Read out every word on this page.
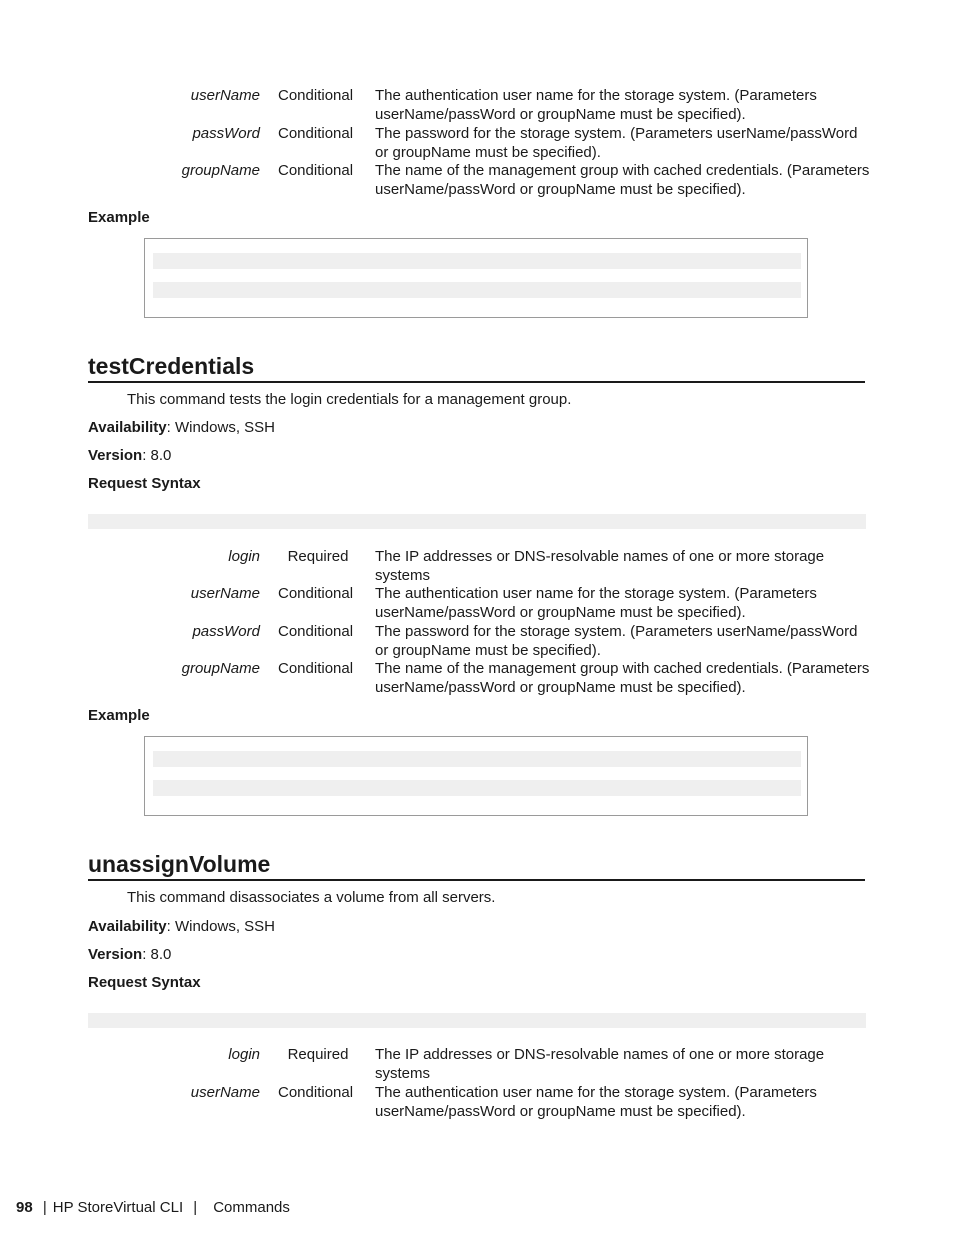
userName Conditional	The authentication user name for the storage system. (Parameters userName/passWord or groupName must be specified).
passWord Conditional	The password for the storage system. (Parameters userName/passWord or groupName must be specified).
groupName Conditional	The name of the management group with cached credentials. (Parameters userName/passWord or groupName must be specified).
Example
testCredentials
This command tests the login credentials for a management group.
Availability: Windows, SSH
Version: 8.0
Request Syntax
login	Required	The IP addresses or DNS-resolvable names of one or more storage systems
userName Conditional	The authentication user name for the storage system. (Parameters userName/passWord or groupName must be specified).
passWord Conditional	The password for the storage system. (Parameters userName/passWord or groupName must be specified).
groupName Conditional	The name of the management group with cached credentials. (Parameters userName/passWord or groupName must be specified).
Example
unassignVolume
This command disassociates a volume from all servers.
Availability: Windows, SSH
Version: 8.0
Request Syntax
login	Required	The IP addresses or DNS-resolvable names of one or more storage systems
userName Conditional	The authentication user name for the storage system. (Parameters userName/passWord or groupName must be specified).
98 | HP StoreVirtual CLI | Commands
